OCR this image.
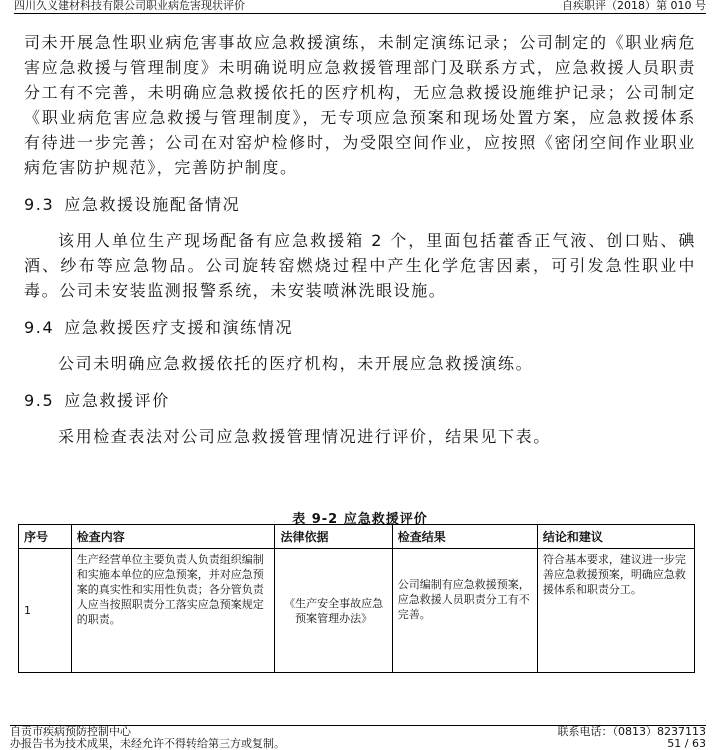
四川久义建材科技有限公司职业病危害现状评价	自疾职评（2018）第 010 号

司未开展急性职业病危害事故应急救援演练，未制定演练记录；公司制定的《职业病危害应急救援与管理制度》未明确说明应急救援管理部门及联系方式，应急救援人员职责分工有不完善，未明确应急救援依托的医疗机构，无应急救援设施维护记录；公司制定《职业病危害应急救援与管理制度》，无专项应急预案和现场处置方案，应急救援体系有待进一步完善；公司在对窑炉检修时，为受限空间作业，应按照《密闭空间作业职业病危害防护规范》，完善防护制度。

9.3 应急救援设施配备情况

该用人单位生产现场配备有应急救援箱 2 个，里面包括藿香正气液、创口贴、碘酒、纱布等应急物品。公司旋转窑燃烧过程中产生化学危害因素，可引发急性职业中毒。公司未安装监测报警系统，未安装喷淋洗眼设施。

9.4 应急救援医疗支援和演练情况

公司未明确应急救援依托的医疗机构，未开展应急救援演练。

9.5 应急救援评价

采用检查表法对公司应急救援管理情况进行评价，结果见下表。

表 9-2 应急救援评价
序号	检查内容	法律依据	检查结果	结论和建议
1	生产经营单位主要负责人负责组织编制和实施本单位的应急预案，并对应急预案的真实性和实用性负责；各分管负责人应当按照职责分工落实应急预案规定的职责。	《生产安全事故应急预案管理办法》	公司编制有应急救援预案，应急救援人员职责分工有不完善。	符合基本要求，建议进一步完善应急救援预案，明确应急救援体系和职责分工。
自贡市疾病预防控制中心	联系电话：（0813）8237113
办报告书为技术成果，未经允许不得转给第三方或复制。	51 / 63
